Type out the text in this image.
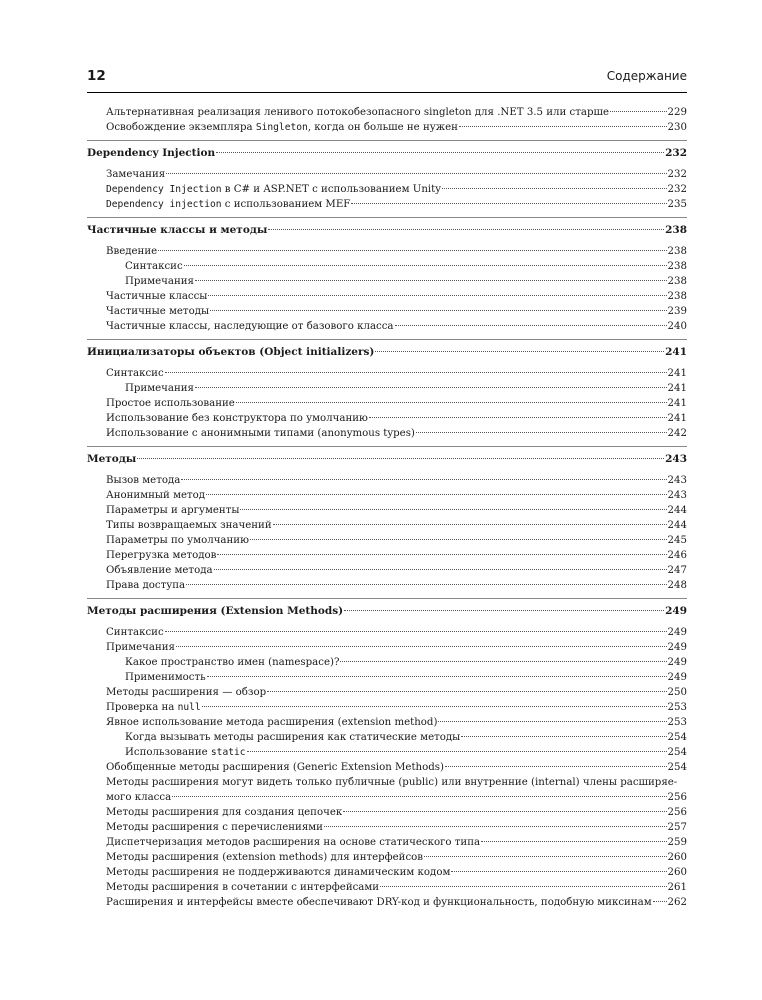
12	Содержание
Альтернативная реализация ленивого потокобезопасного singleton для .NET 3.5 или старше	229
Освобождение экземпляра Singleton, когда он больше не нужен	230
Dependency Injection	232
Замечания	232
Dependency Injection в C# и ASP.NET с использованием Unity	232
Dependency injection с использованием MEF	235
Частичные классы и методы	238
Введение	238
Синтаксис	238
Примечания	238
Частичные классы	238
Частичные методы	239
Частичные классы, наследующие от базового класса	240
Инициализаторы объектов (Object initializers)	241
Синтаксис	241
Примечания	241
Простое использование	241
Использование без конструктора по умолчанию	241
Использование с анонимными типами (anonymous types)	242
Методы	243
Вызов метода	243
Анонимный метод	243
Параметры и аргументы	244
Типы возвращаемых значений	244
Параметры по умолчанию	245
Перегрузка методов	246
Объявление метода	247
Права доступа	248
Методы расширения (Extension Methods)	249
Синтаксис	249
Примечания	249
Какое пространство имен (namespace)?	249
Применимость	249
Методы расширения — обзор	250
Проверка на null	253
Явное использование метода расширения (extension method)	253
Когда вызывать методы расширения как статические методы	254
Использование static	254
Обобщенные методы расширения (Generic Extension Methods)	254
Методы расширения могут видеть только публичные (public) или внутренние (internal) члены расширяе-
мого класса	256
Методы расширения для создания цепочек	256
Методы расширения с перечислениями	257
Диспетчеризация методов расширения на основе статического типа	259
Методы расширения (extension methods) для интерфейсов	260
Методы расширения не поддерживаются динамическим кодом	260
Методы расширения в сочетании с интерфейсами	261
Расширения и интерфейсы вместе обеспечивают DRY-код и функциональность, подобную миксинам 262
